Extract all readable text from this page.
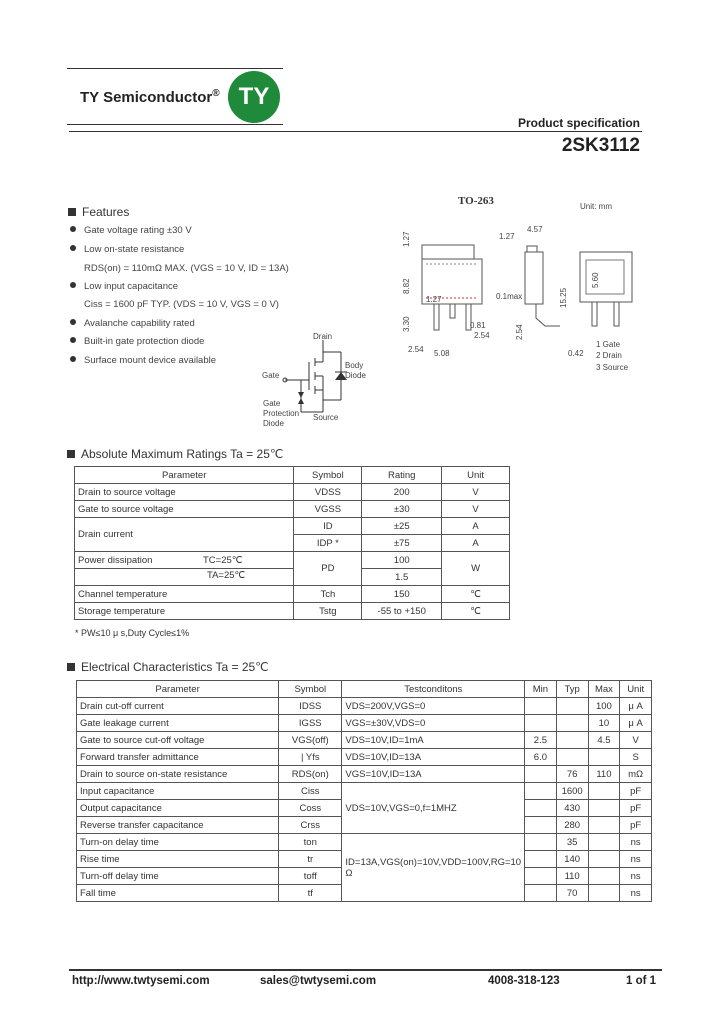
TY Semiconductor® TY
Product specification
2SK3112
Features
Gate voltage rating ±30 V
Low on-state resistance
RDS(on) = 110mΩ MAX. (VGS = 10 V, ID = 13A)
Low input capacitance
Ciss = 1600 pF TYP. (VDS = 10 V, VGS = 0 V)
Avalanche capability rated
Built-in gate protection diode
Surface mount device available
TO-263	Unit: mm
1.27
8.82
3.30
1.27
0.81
2.54
2.54 5.08
1.27
4.57
0.1max
2.54
0.42
15.25
5.60
1 Gate
2 Drain
3 Source
Drain
Gate
Source
Body
Diode
Gate
Protection
Diode
Absolute Maximum Ratings Ta = 25℃
Parameter	Symbol	Rating	Unit
Drain to source voltage	VDSS	200	V
Gate to source voltage	VGSS	±30	V
Drain current	ID	±25	A
	IDP *	±75	A
Power dissipation TC=25℃	PD	100	W

TA=25℃		1.5	
Channel temperature	Tch	150	℃
Storage temperature	Tstg	-55 to +150	℃
* PW≤10 μ s,Duty Cycle≤1%
Electrical Characteristics Ta = 25℃
Parameter	Symbol	Testconditons	Min	Typ	Max	Unit
Drain cut-off current	IDSS	VDS=200V,VGS=0			100	μ A
Gate leakage current	IGSS	VGS=±30V,VDS=0			10	μ A
Gate to source cut-off voltage	VGS(off)	VDS=10V,ID=1mA	2.5		4.5	V
Forward transfer admittance	| Yfs	VDS=10V,ID=13A	6.0			S
Drain to source on-state resistance	RDS(on)	VGS=10V,ID=13A		76	110	mΩ
Input capacitance	Ciss	VDS=10V,VGS=0,f=1MHZ		1600		pF
Output capacitance	Coss			430		pF
Reverse transfer capacitance	Crss			280		pF
Turn-on delay time	ton	ID=13A,VGS(on)=10V,VDD=100V,RG=10 Ω		35		ns
Rise time	tr			140		ns
Turn-off delay time	toff			110		ns
Fall time	tf			70		ns
http://www.twtysemi.com	sales@twtysemi.com	4008-318-123	1 of 1
